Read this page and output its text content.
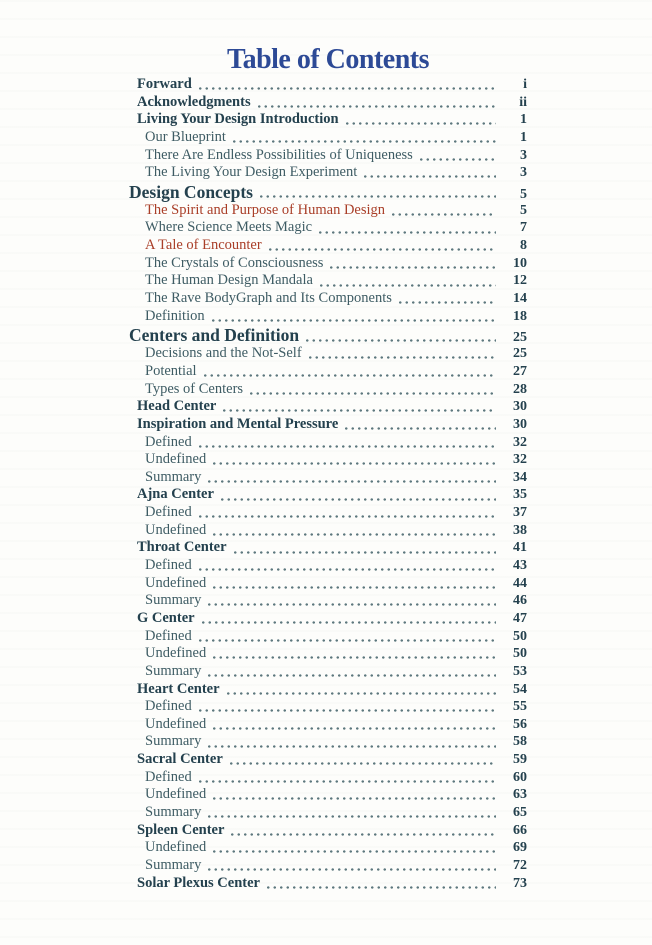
Table of Contents
Forward	i
Acknowledgments	ii
Living Your Design Introduction	1
Our Blueprint	1
There Are Endless Possibilities of Uniqueness	3
The Living Your Design Experiment	3
Design Concepts	5
The Spirit and Purpose of Human Design	5
Where Science Meets Magic	7
A Tale of Encounter	8
The Crystals of Consciousness	10
The Human Design Mandala	12
The Rave BodyGraph and Its Components	14
Definition	18
Centers and Definition	25
Decisions and the Not-Self	25
Potential	27
Types of Centers	28
Head Center	30
Inspiration and Mental Pressure	30
Defined	32
Undefined	32
Summary	34
Ajna Center	35
Defined	37
Undefined	38
Throat Center	41
Defined	43
Undefined	44
Summary	46
G Center	47
Defined	50
Undefined	50
Summary	53
Heart Center	54
Defined	55
Undefined	56
Summary	58
Sacral Center	59
Defined	60
Undefined	63
Summary	65
Spleen Center	66
Undefined	69
Summary	72
Solar Plexus Center	73
